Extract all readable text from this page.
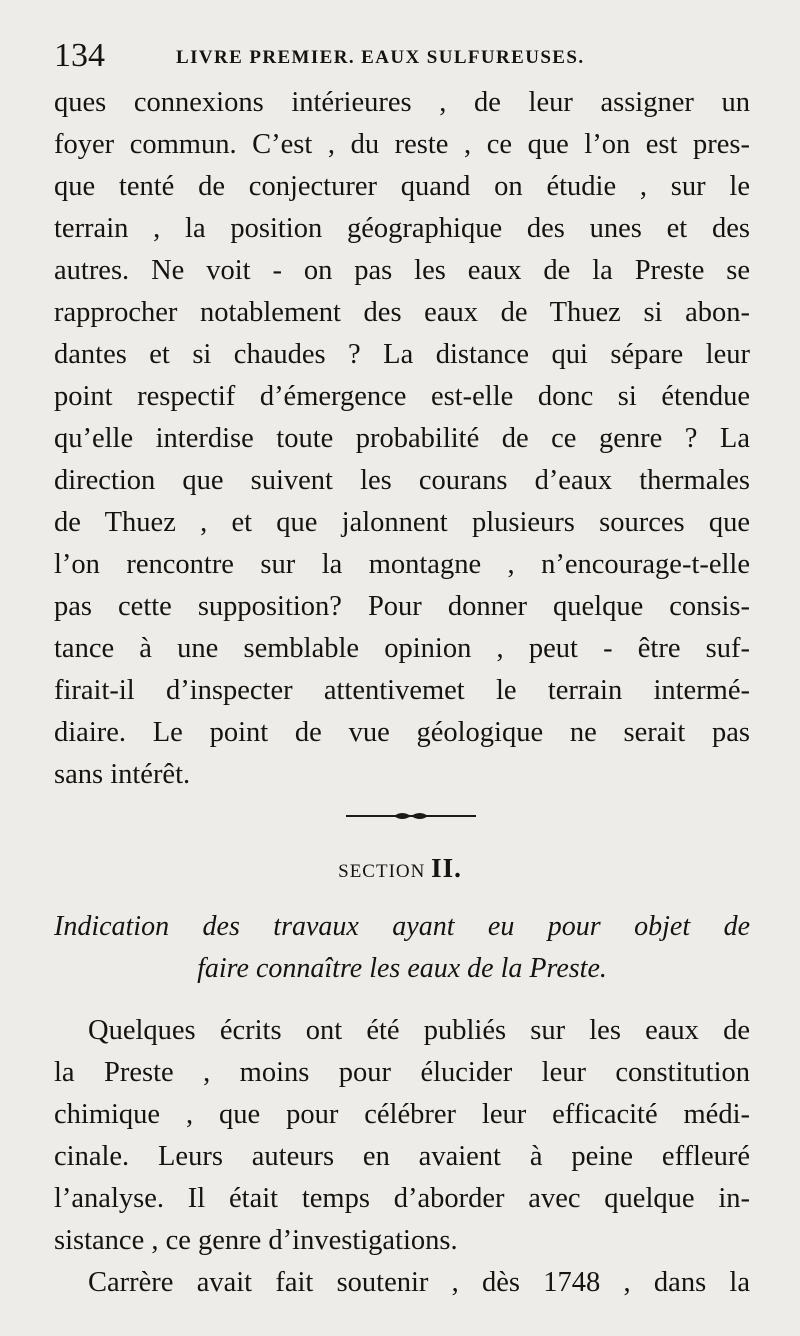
134	LIVRE PREMIER. EAUX SULFUREUSES.
ques connexions intérieures , de leur assigner un
foyer commun. C’est , du reste , ce que l’on est pres-
que tenté de conjecturer quand on étudie , sur le
terrain , la position géographique des unes et des
autres. Ne voit - on pas les eaux de la Preste se
rapprocher notablement des eaux de Thuez si abon-
dantes et si chaudes ? La distance qui sépare leur
point respectif d’émergence est-elle donc si étendue
qu’elle interdise toute probabilité de ce genre ? La
direction que suivent les courans d’eaux thermales
de Thuez , et que jalonnent plusieurs sources que
l’on rencontre sur la montagne , n’encourage-t-elle
pas cette supposition? Pour donner quelque consis-
tance à une semblable opinion , peut - être suf-
firait-il d’inspecter attentivemet le terrain intermé-
diaire. Le point de vue géologique ne serait pas
sans intérêt.
SECTION II.
Indication des travaux ayant eu pour objet de
faire connaître les eaux de la Preste.
Quelques écrits ont été publiés sur les eaux de
la Preste , moins pour élucider leur constitution
chimique , que pour célébrer leur efficacité médi-
cinale. Leurs auteurs en avaient à peine effleuré
l’analyse. Il était temps d’aborder avec quelque in-
sistance , ce genre d’investigations.
Carrère avait fait soutenir , dès 1748 , dans la
